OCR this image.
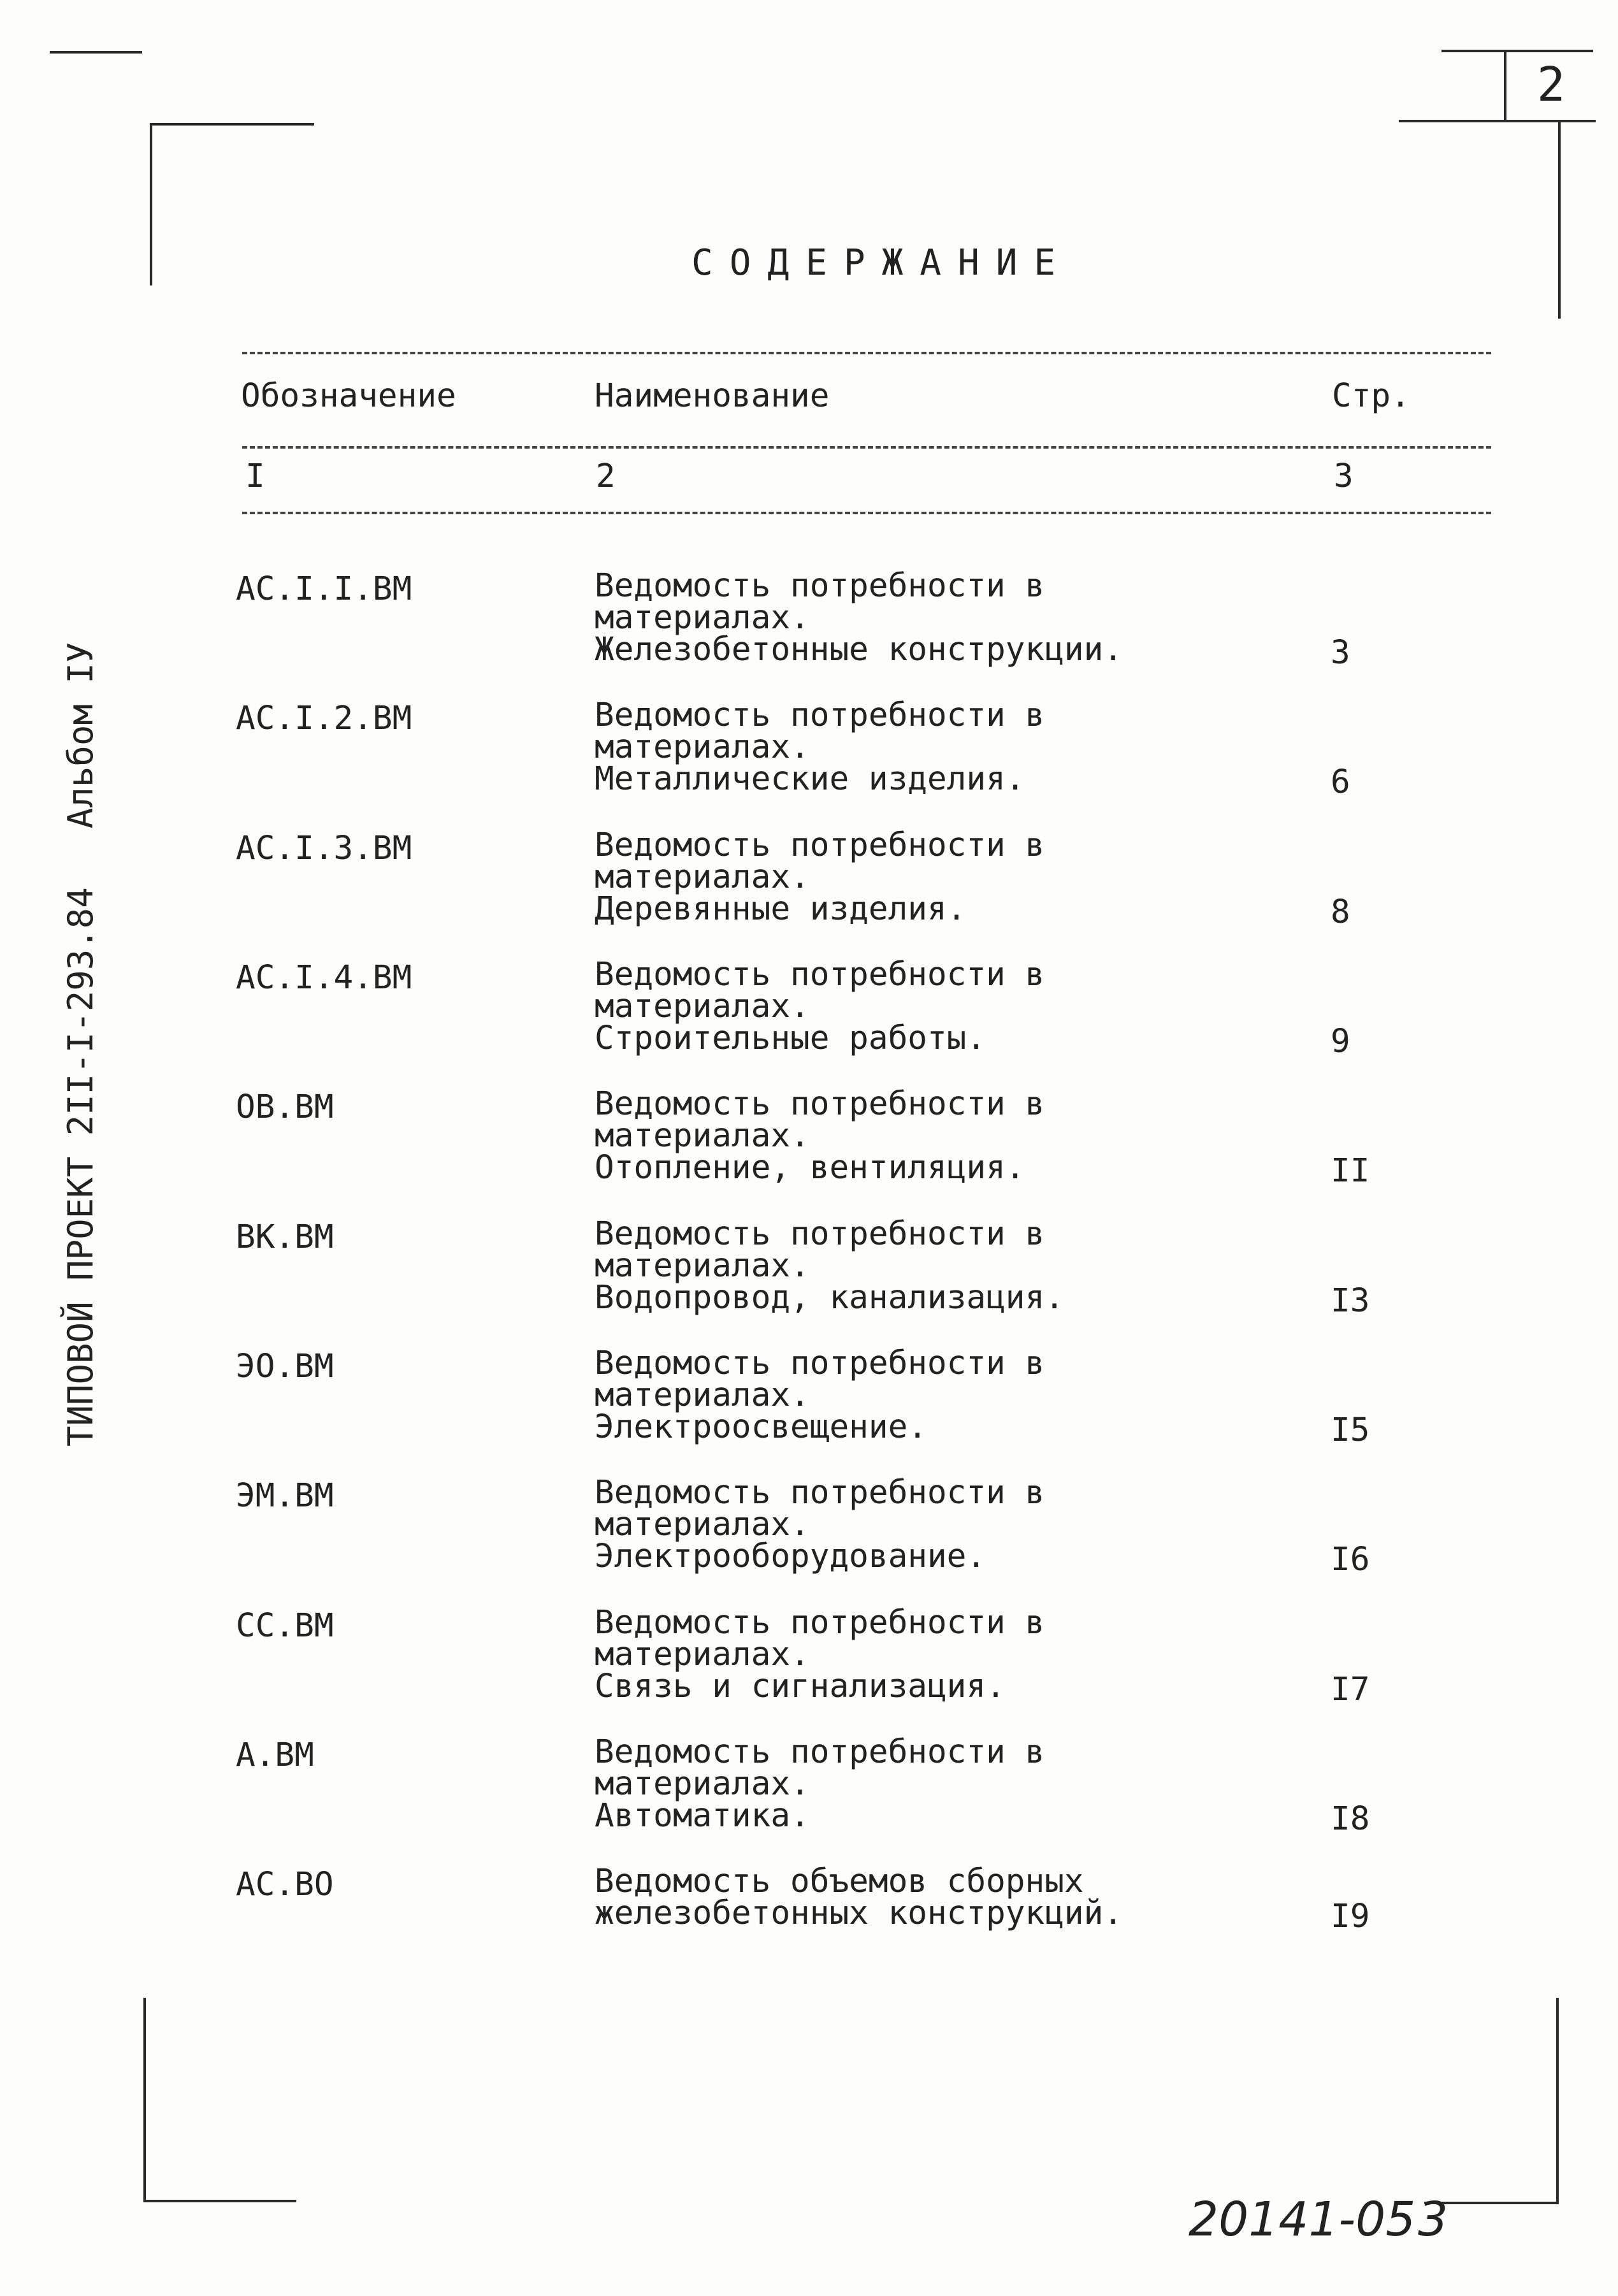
2
СОДЕРЖАНИЕ
Обозначение	Наименование	Стр.
I	2	3
АС.I.I.ВМ	Ведомость потребности в
материалах.
Железобетонные конструкции.	3
АС.I.2.ВМ	Ведомость потребности в
материалах.
Металлические изделия.	6
АС.I.3.ВМ	Ведомость потребности в
материалах.
Деревянные изделия.	8
АС.I.4.ВМ	Ведомость потребности в
материалах.
Строительные работы.	9
ОВ.ВМ	Ведомость потребности в
материалах.
Отопление, вентиляция.	II
ВК.ВМ	Ведомость потребности в
материалах.
Водопровод, канализация.	I3
ЭО.ВМ	Ведомость потребности в
материалах.
Электроосвещение.	I5
ЭМ.ВМ	Ведомость потребности в
материалах.
Электрооборудование.	I6
СС.ВМ	Ведомость потребности в
материалах.
Связь и сигнализация.	I7
А.ВМ	Ведомость потребности в
материалах.
Автоматика.	I8
АС.ВО	Ведомость объемов сборных
железобетонных конструкций.	I9
ТИПОВОЙ ПРОЕКТ 2II-I-293.84Альбом IУ
20141-05 3
